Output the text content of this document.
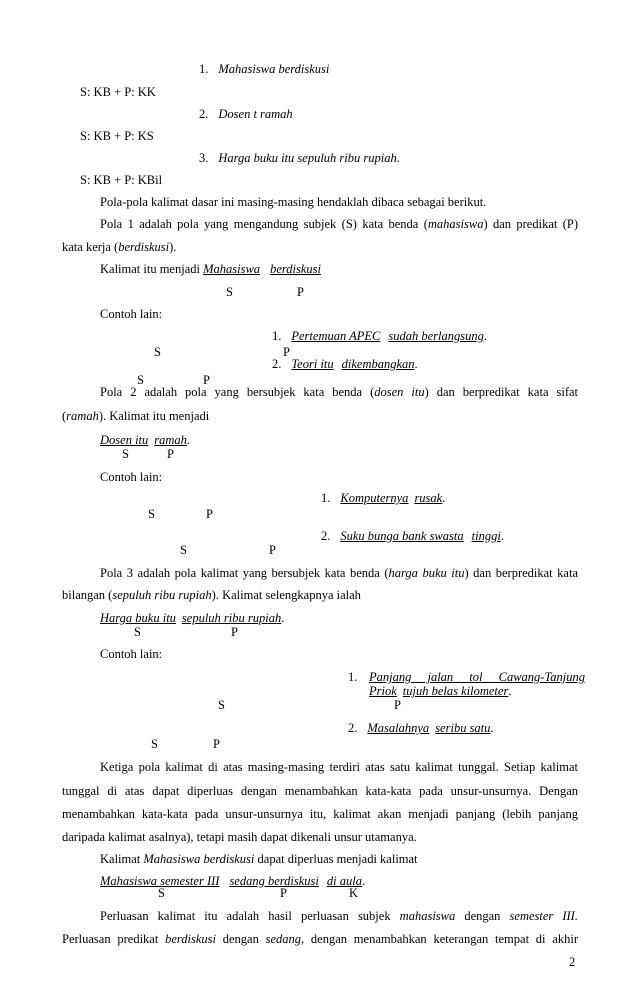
1. Mahasiswa berdiskusi
S: KB + P: KK
2. Dosen t ramah
S: KB + P: KS
3. Harga buku itu sepuluh ribu rupiah.
S: KB + P: KBil
Pola-pola kalimat dasar ini masing-masing hendaklah dibaca sebagai berikut.
Pola 1 adalah pola yang mengandung subjek (S) kata benda (mahasiswa) dan predikat (P)
kata kerja (berdiskusi).
Kalimat itu menjadi Mahasiswa berdiskusi
S	P
Contoh lain:
1. Pertemuan APEC sudah berlangsung.
S	P
2. Teori itu dikembangkan.
S	P
Pola 2 adalah pola yang bersubjek kata benda (dosen itu) dan berpredikat kata sifat
(ramah). Kalimat itu menjadi
Dosen itu ramah.
S	P
Contoh lain:
1. Komputernya rusak.
S	P
2. Suku bunga bank swasta tinggi.
S	P
Pola 3 adalah pola kalimat yang bersubjek kata benda (harga buku itu) dan berpredikat kata
bilangan (sepuluh ribu rupiah). Kalimat selengkapnya ialah
Harga buku itu sepuluh ribu rupiah.
S	P
Contoh lain:
1. Panjang jalan tol Cawang-Tanjung
Priok tujuh belas kilometer.
S	P
2. Masalahnya seribu satu.
S	P
Ketiga pola kalimat di atas masing-masing terdiri atas satu kalimat tunggal. Setiap kalimat
tunggal di atas dapat diperluas dengan menambahkan kata-kata pada unsur-unsurnya. Dengan
menambahkan kata-kata pada unsur-unsurnya itu, kalimat akan menjadi panjang (lebih panjang
daripada kalimat asalnya), tetapi masih dapat dikenali unsur utamanya.
Kalimat Mahasiswa berdiskusi dapat diperluas menjadi kalimat
Mahasiswa semester III sedang berdiskusi di aula.
S	P	K
Perluasan kalimat itu adalah hasil perluasan subjek mahasiswa dengan semester III.
Perluasan predikat berdiskusi dengan sedang, dengan menambahkan keterangan tempat di akhir
2
